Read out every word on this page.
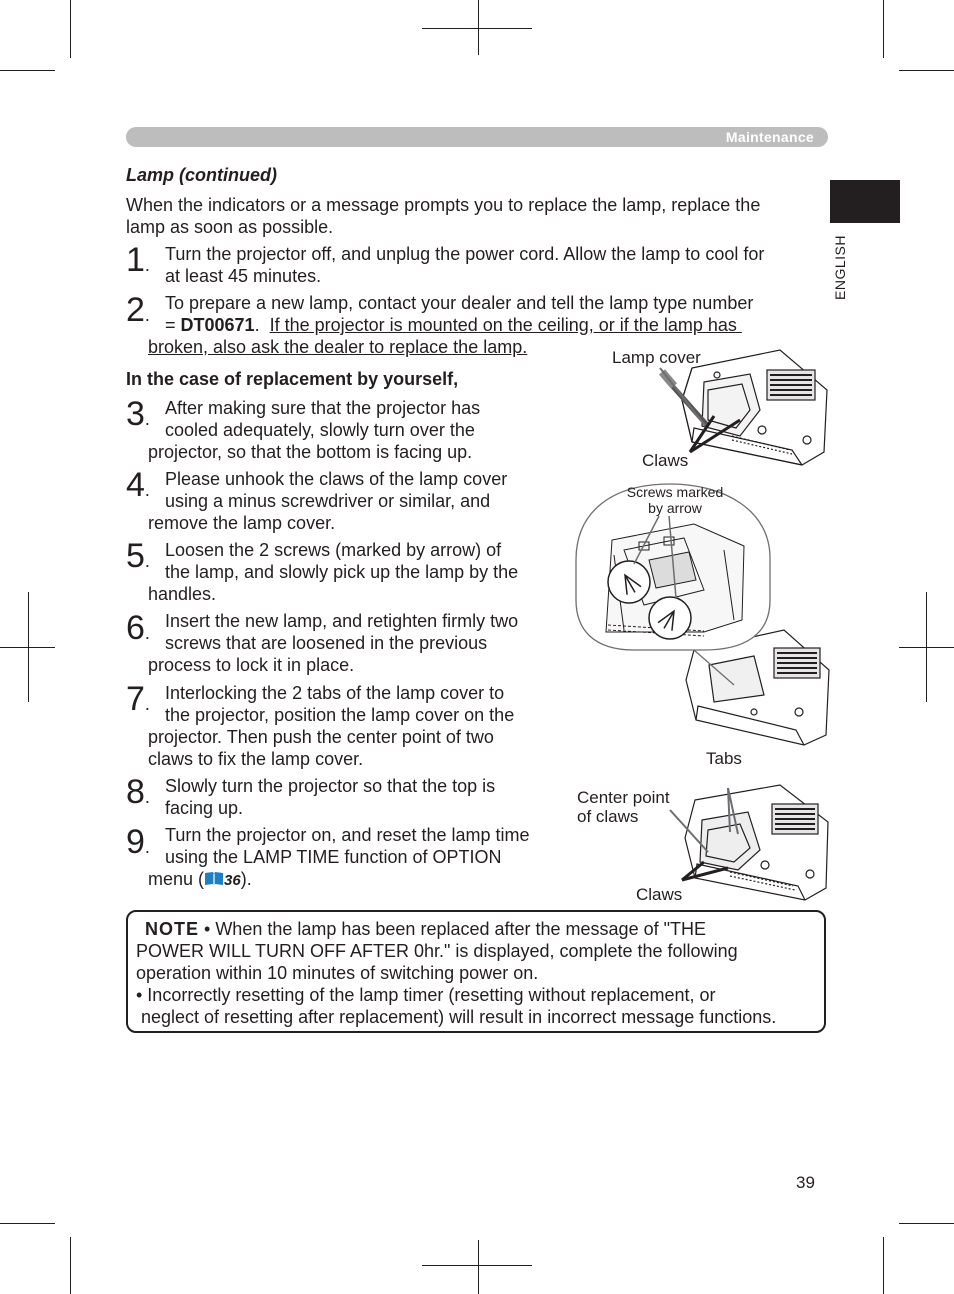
Maintenance
ENGLISH
Lamp (continued)
When the indicators or a message prompts you to replace the lamp, replace the
lamp as soon as possible.
1.
Turn the projector off, and unplug the power cord. Allow the lamp to cool for
at least 45 minutes.
2.
To prepare a new lamp, contact your dealer and tell the lamp type number
= DT00671. If the projector is mounted on the ceiling, or if the lamp has
broken, also ask the dealer to replace the lamp.
In the case of replacement by yourself,
3.
After making sure that the projector has
cooled adequately, slowly turn over the
projector, so that the bottom is facing up.
4.
Please unhook the claws of the lamp cover
using a minus screwdriver or similar, and
remove the lamp cover.
5.
Loosen the 2 screws (marked by arrow) of
the lamp, and slowly pick up the lamp by the
handles.
6.
Insert the new lamp, and retighten firmly two
screws that are loosened in the previous
process to lock it in place.
7.
Interlocking the 2 tabs of the lamp cover to
the projector, position the lamp cover on the
projector. Then push the center point of two
claws to fix the lamp cover.
8.
Slowly turn the projector so that the top is
facing up.
9.
Turn the projector on, and reset the lamp time
using the LAMP TIME function of OPTION
menu ( 36).
Lamp cover
Claws
Screws marked
by arrow
Tabs
Center point
of claws
Claws
NOTE • When the lamp has been replaced after the message of "THE
POWER WILL TURN OFF AFTER 0hr." is displayed, complete the following
operation within 10 minutes of switching power on.
• Incorrectly resetting of the lamp timer (resetting without replacement, or
neglect of resetting after replacement) will result in incorrect message functions.
39
